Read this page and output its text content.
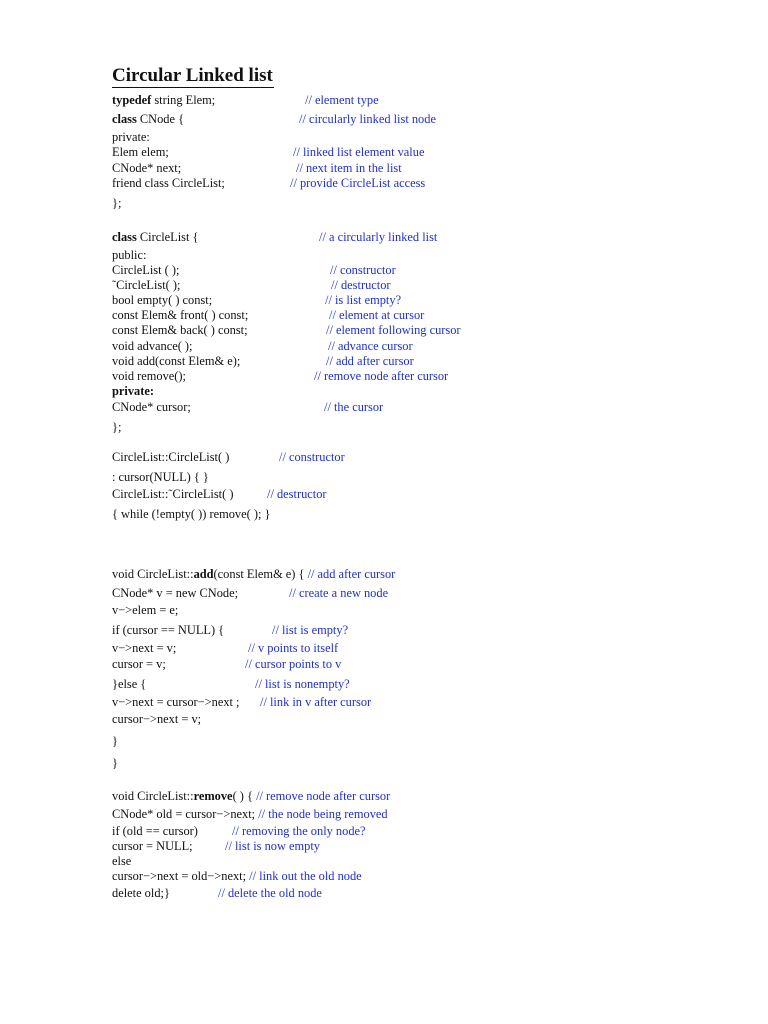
Circular Linked list
typedef string Elem;	// element type
class CNode {	// circularly linked list node
private:
Elem elem;	// linked list element value
CNode* next;	// next item in the list
friend class CircleList;	// provide CircleList access
};
class CircleList {	// a circularly linked list
public:
CircleList ( );	// constructor
˜CircleList( );	// destructor
bool empty( ) const;	// is list empty?
const Elem& front( ) const;	// element at cursor
const Elem& back( ) const;	// element following cursor
void advance( );	// advance cursor
void add(const Elem& e);	// add after cursor
void remove();	// remove node after cursor
private:
CNode* cursor;	// the cursor
};
CircleList::CircleList( )	// constructor
: cursor(NULL) { }
CircleList::˜CircleList( )	// destructor
{ while (!empty( )) remove( ); }
void CircleList::add(const Elem& e) { // add after cursor
CNode* v = new CNode;	// create a new node
v−>elem = e;
if (cursor == NULL) {	// list is empty?
v−>next = v;	// v points to itself
cursor = v;	// cursor points to v
}else {	// list is nonempty?
v−>next = cursor−>next ; // link in v after cursor
cursor−>next = v;
}
}
void CircleList::remove( ) { // remove node after cursor
CNode* old = cursor−>next; // the node being removed
if (old == cursor)	// removing the only node?
cursor = NULL;	// list is now empty
else
cursor−>next = old−>next; // link out the old node
delete old;}	// delete the old node
